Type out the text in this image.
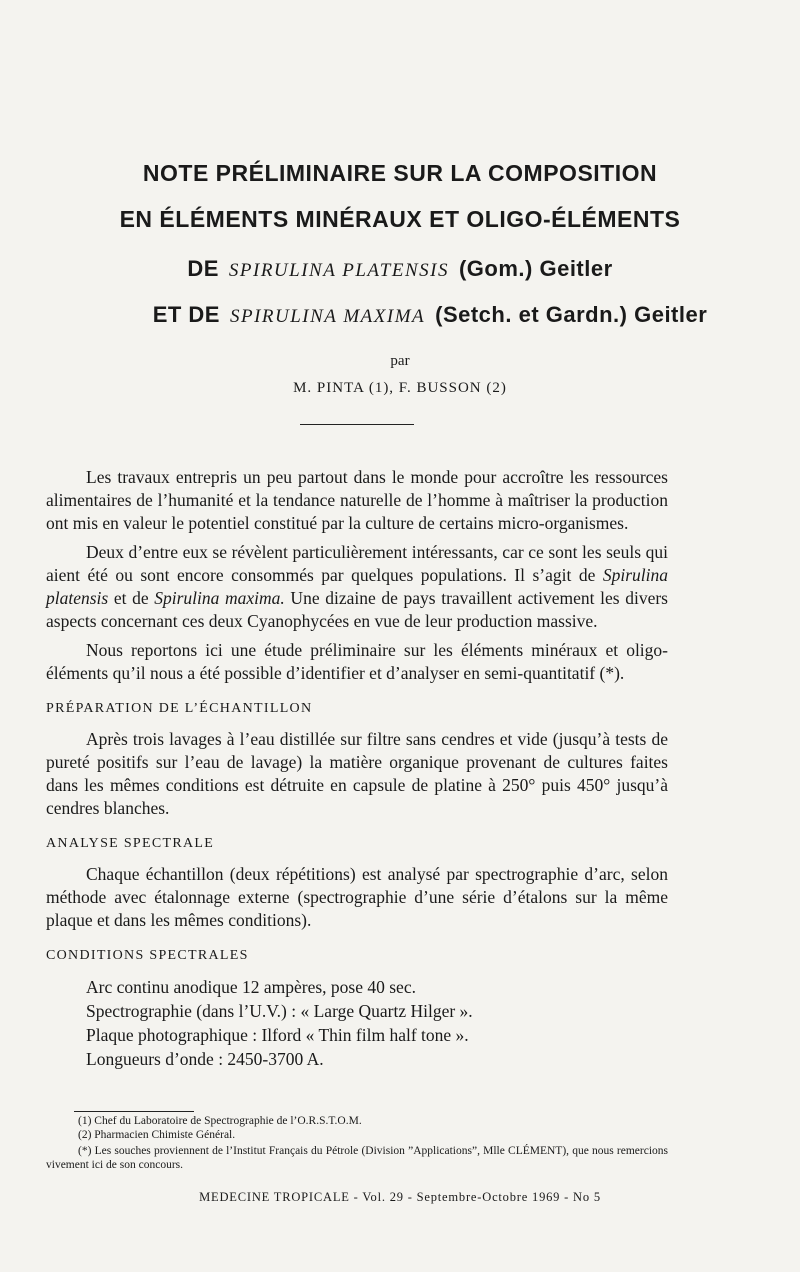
NOTE PRÉLIMINAIRE SUR LA COMPOSITION
EN ÉLÉMENTS MINÉRAUX ET OLIGO-ÉLÉMENTS
DE SPIRULINA PLATENSIS (Gom.) Geitler
ET DE SPIRULINA MAXIMA (Setch. et Gardn.) Geitler
par
M. PINTA (1), F. BUSSON (2)

Les travaux entrepris un peu partout dans le monde pour accroître les ressources alimentaires de l’humanité et la tendance naturelle de l’homme à maîtriser la production ont mis en valeur le potentiel constitué par la culture de certains micro-organismes.

Deux d’entre eux se révèlent particulièrement intéressants, car ce sont les seuls qui aient été ou sont encore consommés par quelques populations. Il s’agit de Spirulina platensis et de Spirulina maxima. Une dizaine de pays travaillent activement les divers aspects concernant ces deux Cyanophycées en vue de leur production massive.

Nous reportons ici une étude préliminaire sur les éléments minéraux et oligo-éléments qu’il nous a été possible d’identifier et d’analyser en semi-quantitatif (*).

PRÉPARATION DE L’ÉCHANTILLON

Après trois lavages à l’eau distillée sur filtre sans cendres et vide (jusqu’à tests de pureté positifs sur l’eau de lavage) la matière organique provenant de cultures faites dans les mêmes conditions est détruite en capsule de platine à 250° puis 450° jusqu’à cendres blanches.

ANALYSE SPECTRALE

Chaque échantillon (deux répétitions) est analysé par spectrographie d’arc, selon méthode avec étalonnage externe (spectrographie d’une série d’étalons sur la même plaque et dans les mêmes conditions).

CONDITIONS SPECTRALES

Arc continu anodique 12 ampères, pose 40 sec.

Spectrographie (dans l’U.V.) : « Large Quartz Hilger ».

Plaque photographique : Ilford « Thin film half tone ».

Longueurs d’onde : 2450-3700 A.

(1) Chef du Laboratoire de Spectrographie de l’O.R.S.T.O.M.
(2) Pharmacien Chimiste Général.
(*) Les souches proviennent de l’Institut Français du Pétrole (Division ”Applications”, Mlle CLÉMENT), que nous remercions vivement ici de son concours.
MEDECINE TROPICALE - Vol. 29 - Septembre-Octobre 1969 - No 5
